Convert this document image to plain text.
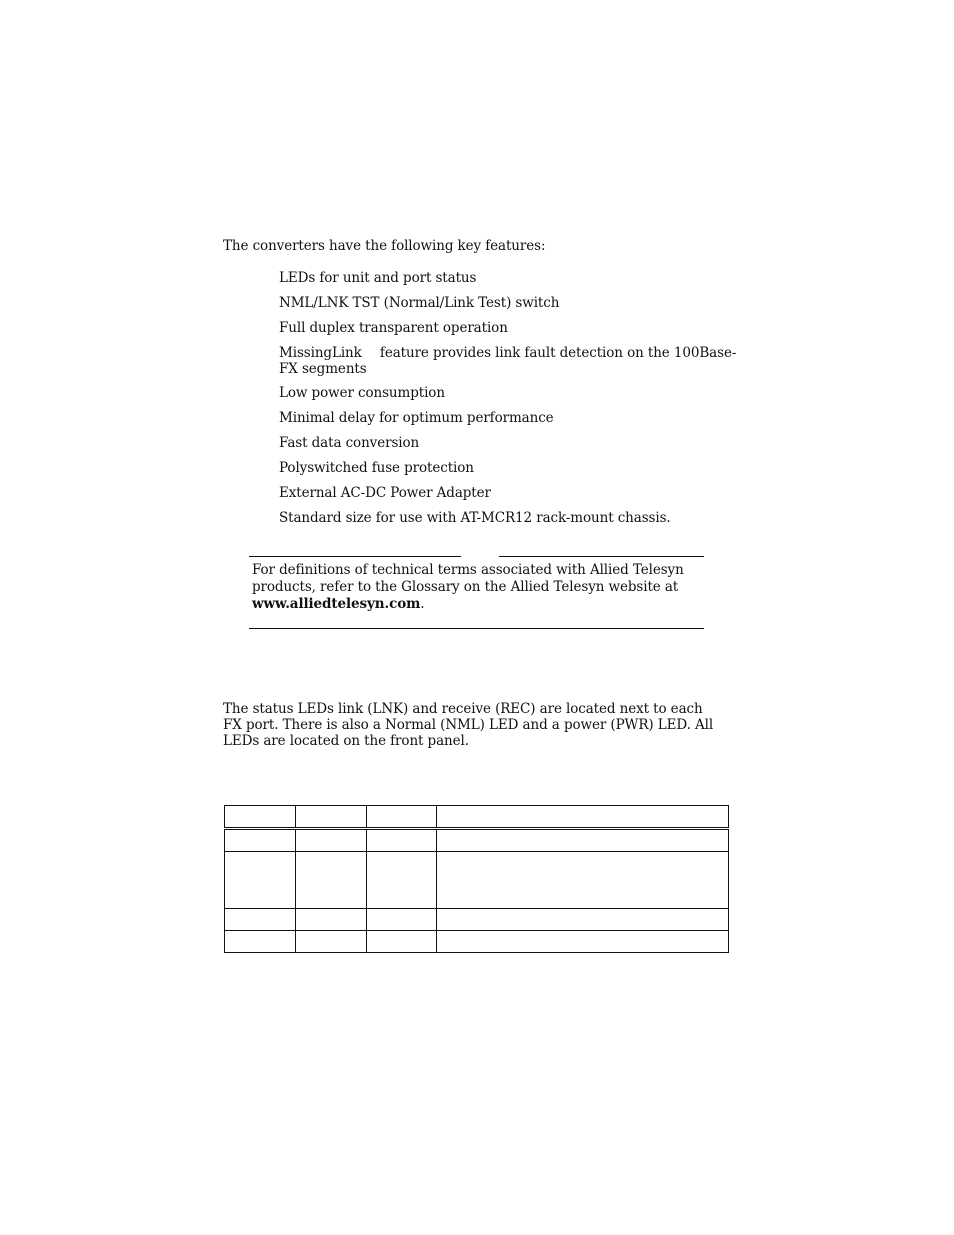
The converters have the following key features:

LEDs for unit and port status
NML/LNK TST (Normal/Link Test) switch
Full duplex transparent operation
MissingLink feature provides link fault detection on the 100Base-FX segments
Low power consumption
Minimal delay for optimum performance
Fast data conversion
Polyswitched fuse protection
External AC-DC Power Adapter
Standard size for use with AT-MCR12 rack-mount chassis.

For definitions of technical terms associated with Allied Telesyn products, refer to the Glossary on the Allied Telesyn website at www.alliedtelesyn.com.

The status LEDs link (LNK) and receive (REC) are located next to each FX port. There is also a Normal (NML) LED and a power (PWR) LED. All LEDs are located on the front panel.
